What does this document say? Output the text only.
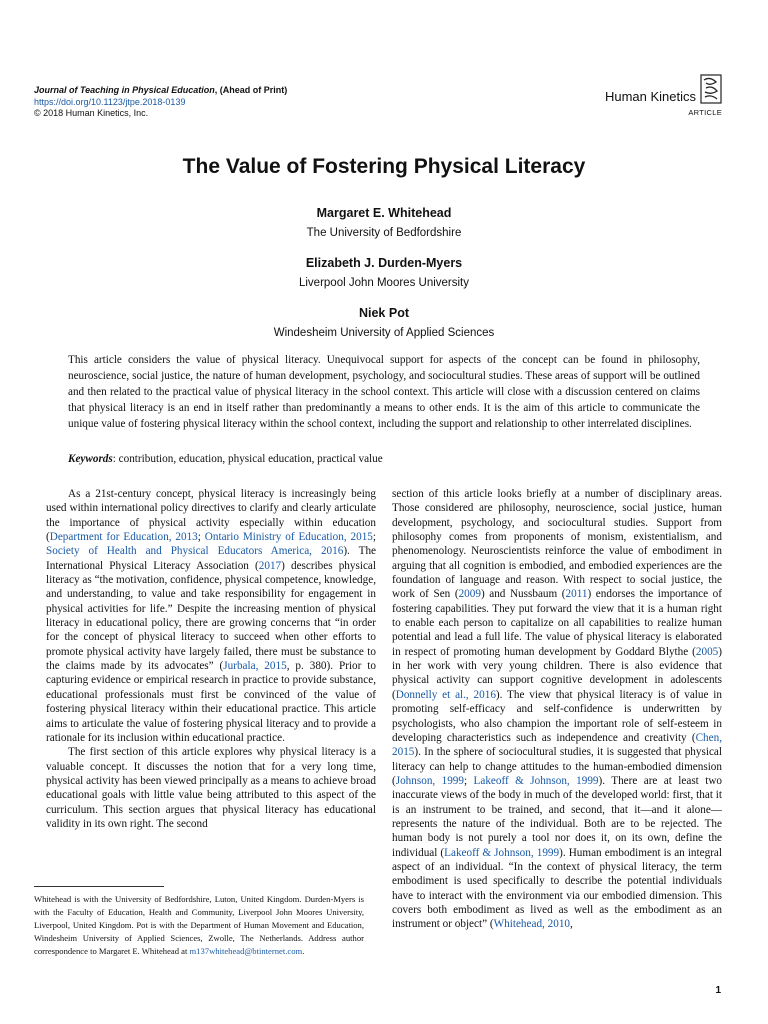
Journal of Teaching in Physical Education, (Ahead of Print)
https://doi.org/10.1123/jtpe.2018-0139
© 2018 Human Kinetics, Inc.
Human Kinetics
ARTICLE
The Value of Fostering Physical Literacy
Margaret E. Whitehead
The University of Bedfordshire
Elizabeth J. Durden-Myers
Liverpool John Moores University
Niek Pot
Windesheim University of Applied Sciences
This article considers the value of physical literacy. Unequivocal support for aspects of the concept can be found in philosophy, neuroscience, social justice, the nature of human development, psychology, and sociocultural studies. These areas of support will be outlined and then related to the practical value of physical literacy in the school context. This article will close with a discussion centered on claims that physical literacy is an end in itself rather than predominantly a means to other ends. It is the aim of this article to communicate the unique value of fostering physical literacy within the school context, including the support and relationship to other interrelated disciplines.
Keywords: contribution, education, physical education, practical value

As a 21st-century concept, physical literacy is increasingly being used within international policy directives to clarify and clearly articulate the importance of physical activity especially within education (Department for Education, 2013; Ontario Ministry of Education, 2015; Society of Health and Physical Educators America, 2016). The International Physical Literacy Association (2017) describes physical literacy as “the motivation, confidence, physical competence, knowledge, and understanding, to value and take responsibility for engagement in physical activities for life.” Despite the increasing mention of physical literacy in educational policy, there are growing concerns that “in order for the concept of physical literacy to succeed when other efforts to promote physical activity have largely failed, there must be substance to the claims made by its advocates” (Jurbala, 2015, p. 380). Prior to capturing evidence or empirical research in practice to provide substance, educational professionals must first be convinced of the value of fostering physical literacy within their educational practice. This article aims to articulate the value of fostering physical literacy and to provide a rationale for its inclusion within educational practice.

The first section of this article explores why physical literacy is a valuable concept. It discusses the notion that for a very long time, physical activity has been viewed principally as a means to achieve broad educational goals with little value being attributed to this aspect of the curriculum. This section argues that physical literacy has educational validity in its own right. The second

section of this article looks briefly at a number of disciplinary areas. Those considered are philosophy, neuroscience, social justice, human development, psychology, and sociocultural studies. Support from philosophy comes from proponents of monism, existentialism, and phenomenology. Neuroscientists reinforce the value of embodiment in arguing that all cognition is embodied, and embodied experiences are the foundation of language and reason. With respect to social justice, the work of Sen (2009) and Nussbaum (2011) endorses the importance of fostering capabilities. They put forward the view that it is a human right to enable each person to capitalize on all capabilities to realize human potential and lead a full life. The value of physical literacy is elaborated in respect of promoting human development by Goddard Blythe (2005) in her work with very young children. There is also evidence that physical activity can support cognitive development in adolescents (Donnelly et al., 2016). The view that physical literacy is of value in promoting self-efficacy and self-confidence is underwritten by psychologists, who also champion the important role of self-esteem in developing characteristics such as independence and creativity (Chen, 2015). In the sphere of sociocultural studies, it is suggested that physical literacy can help to change attitudes to the human-embodied dimension (Johnson, 1999; Lakeoff & Johnson, 1999). There are at least two inaccurate views of the body in much of the developed world: first, that it is an instrument to be trained, and second, that it—and it alone—represents the nature of the individual. Both are to be rejected. The human body is not purely a tool nor does it, on its own, define the individual (Lakeoff & Johnson, 1999). Human embodiment is an integral aspect of an individual. “In the context of physical literacy, the term embodiment is used specifically to describe the potential individuals have to interact with the environment via our embodied dimension. This covers both embodiment as lived as well as the embodiment as an instrument or object” (Whitehead, 2010,

Whitehead is with the University of Bedfordshire, Luton, United Kingdom. Durden-Myers is with the Faculty of Education, Health and Community, Liverpool John Moores University, Liverpool, United Kingdom. Pot is with the Department of Human Movement and Education, Windesheim University of Applied Sciences, Zwolle, The Netherlands. Address author correspondence to Margaret E. Whitehead at m137whitehead@btinternet.com.
1
